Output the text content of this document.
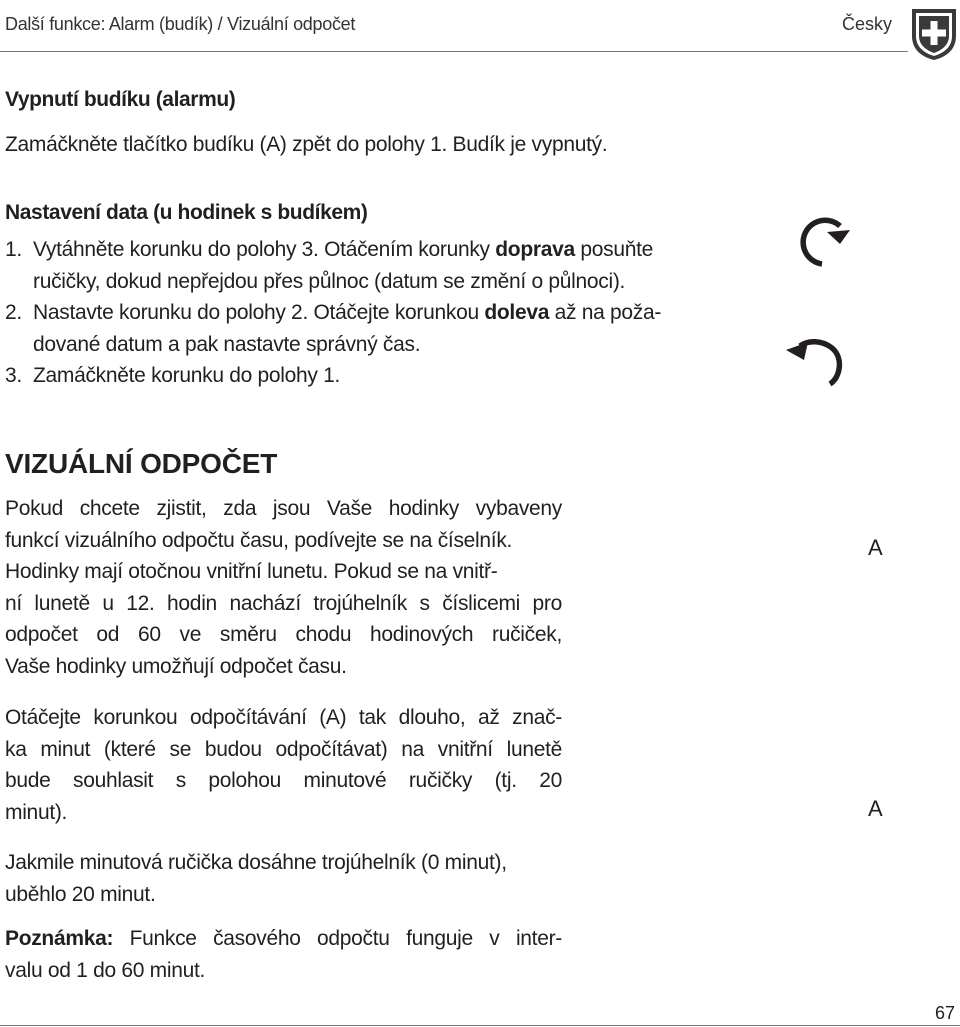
Další funkce: Alarm (budík) / Vizuální odpočet	Česky
Vypnutí budíku (alarmu)
Zamáčkněte tlačítko budíku (A) zpět do polohy 1. Budík je vypnutý.
Nastavení data (u hodinek s budíkem)
1. Vytáhněte korunku do polohy 3. Otáčením korunky doprava posuňte
ručičky, dokud nepřejdou přes půlnoc (datum se změní o půlnoci).
2. Nastavte korunku do polohy 2. Otáčejte korunkou doleva až na poža-
dované datum a pak nastavte správný čas.
3. Zamáčkněte korunku do polohy 1.
VIZUÁLNÍ ODPOČET
Pokud chcete zjistit, zda jsou Vaše hodinky vybaveny
funkcí vizuálního odpočtu času, podívejte se na číselník.
Hodinky mají otočnou vnitřní lunetu. Pokud se na vnitř-
ní lunetě u 12. hodin nachází trojúhelník s číslicemi pro
odpočet od 60 ve směru chodu hodinových ručiček,
Vaše hodinky umožňují odpočet času.
Otáčejte korunkou odpočítávání (A) tak dlouho, až znač-
ka minut (které se budou odpočítávat) na vnitřní lunetě
bude souhlasit s polohou minutové ručičky (tj. 20
minut).
Jakmile minutová ručička dosáhne trojúhelník (0 minut),
uběhlo 20 minut.
Poznámka: Funkce časového odpočtu funguje v inter-
valu od 1 do 60 minut.
A
A
67
